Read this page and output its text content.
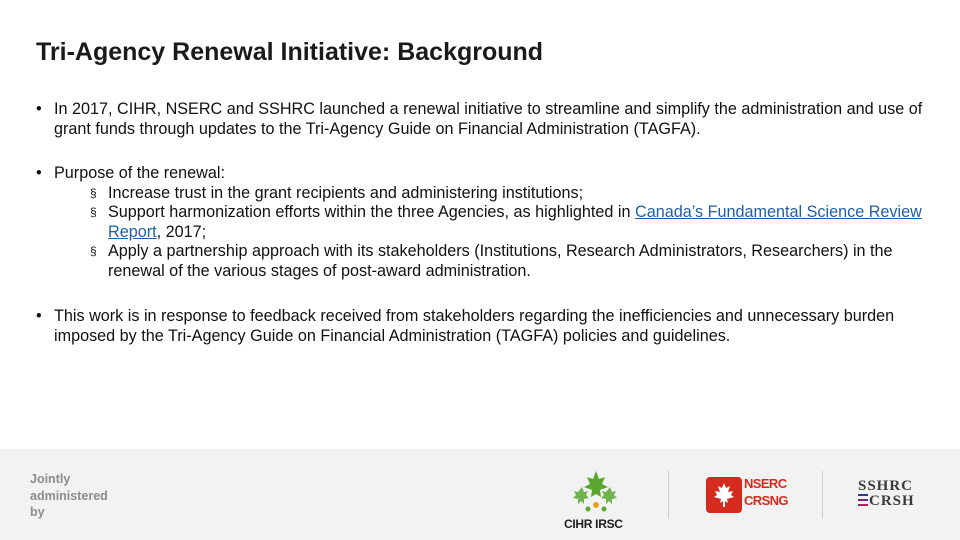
Tri-Agency Renewal Initiative: Background
• In 2017, CIHR, NSERC and SSHRC launched a renewal initiative to streamline and simplify the administration and use of grant funds through updates to the Tri-Agency Guide on Financial Administration (TAGFA).
• Purpose of the renewal:
§ Increase trust in the grant recipients and administering institutions;
§ Support harmonization efforts within the three Agencies, as highlighted in Canada’s Fundamental Science Review Report, 2017;
§ Apply a partnership approach with its stakeholders (Institutions, Research Administrators, Researchers) in the renewal of the various stages of post-award administration.
• This work is in response to feedback received from stakeholders regarding the inefficiencies and unnecessary burden imposed by the Tri-Agency Guide on Financial Administration (TAGFA) policies and guidelines.
Jointly
administered
by
CIHR IRSC
NSERC
CRSNG
SSHRC
CRSH
